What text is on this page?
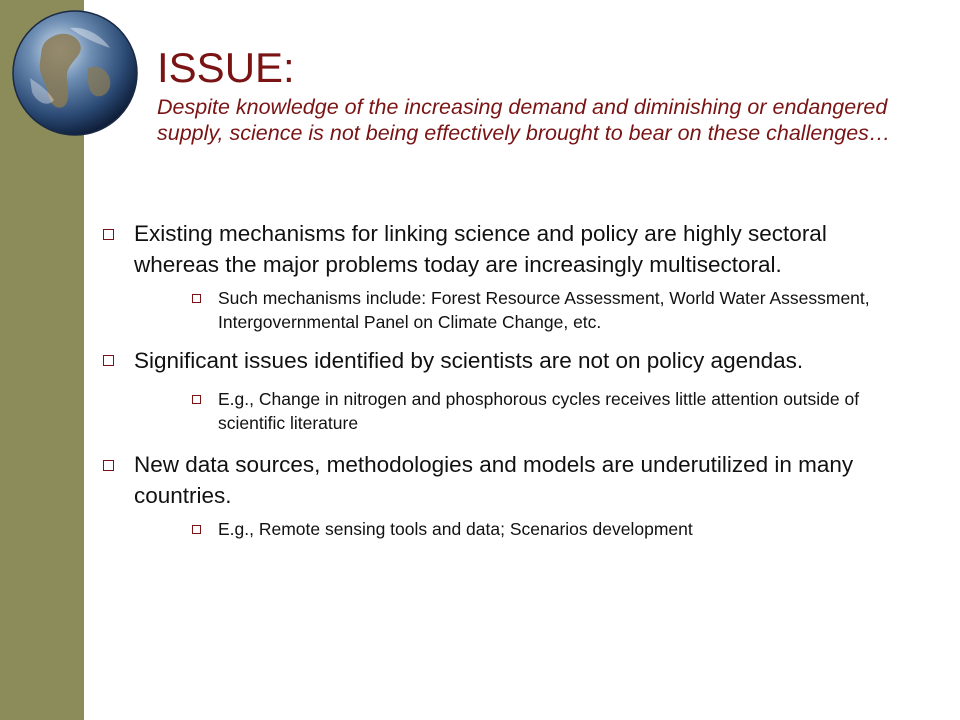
ISSUE:
Despite knowledge of the increasing demand and diminishing or endangered supply, science is not being effectively brought to bear on these challenges…
Existing mechanisms for linking science and policy are highly sectoral whereas the major problems today are increasingly multisectoral.
Such mechanisms include: Forest Resource Assessment, World Water Assessment, Intergovernmental Panel on Climate Change, etc.
Significant issues identified by scientists are not on policy agendas.
E.g., Change in nitrogen and phosphorous cycles receives little attention outside of scientific literature
New data sources, methodologies and models are underutilized in many countries.
E.g., Remote sensing tools and data; Scenarios development
